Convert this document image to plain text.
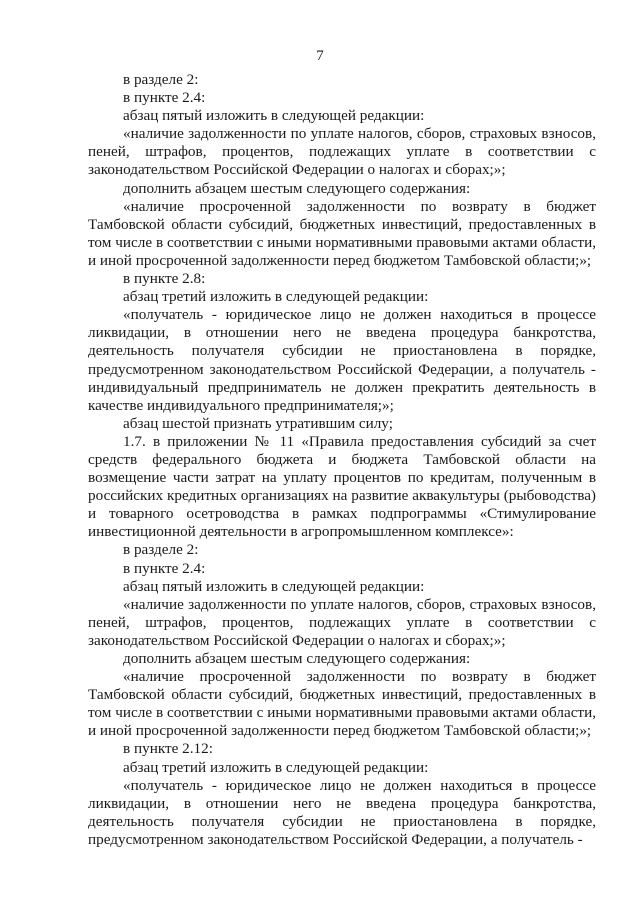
7

в разделе 2:

в пункте 2.4:

абзац пятый изложить в следующей редакции:

«наличие задолженности по уплате налогов, сборов, страховых взносов, пеней, штрафов, процентов, подлежащих уплате в соответствии с законодательством Российской Федерации о налогах и сборах;»;

дополнить абзацем шестым следующего содержания:

«наличие просроченной задолженности по возврату в бюджет Тамбовской области субсидий, бюджетных инвестиций, предоставленных в том числе в соответствии с иными нормативными правовыми актами области, и иной просроченной задолженности перед бюджетом Тамбовской области;»;

в пункте 2.8:

абзац третий изложить в следующей редакции:

«получатель - юридическое лицо не должен находиться в процессе ликвидации, в отношении него не введена процедура банкротства, деятельность получателя субсидии не приостановлена в порядке, предусмотренном законодательством Российской Федерации, а получатель - индивидуальный предприниматель не должен прекратить деятельность в качестве индивидуального предпринимателя;»;

абзац шестой признать утратившим силу;

1.7. в приложении № 11 «Правила предоставления субсидий за счет средств федерального бюджета и бюджета Тамбовской области на возмещение части затрат на уплату процентов по кредитам, полученным в российских кредитных организациях на развитие аквакультуры (рыбоводства) и товарного осетроводства в рамках подпрограммы «Стимулирование инвестиционной деятельности в агропромышленном комплексе»:

в разделе 2:

в пункте 2.4:

абзац пятый изложить в следующей редакции:

«наличие задолженности по уплате налогов, сборов, страховых взносов, пеней, штрафов, процентов, подлежащих уплате в соответствии с законодательством Российской Федерации о налогах и сборах;»;

дополнить абзацем шестым следующего содержания:

«наличие просроченной задолженности по возврату в бюджет Тамбовской области субсидий, бюджетных инвестиций, предоставленных в том числе в соответствии с иными нормативными правовыми актами области, и иной просроченной задолженности перед бюджетом Тамбовской области;»;

в пункте 2.12:

абзац третий изложить в следующей редакции:

«получатель - юридическое лицо не должен находиться в процессе ликвидации, в отношении него не введена процедура банкротства, деятельность получателя субсидии не приостановлена в порядке, предусмотренном законодательством Российской Федерации, а получатель -
